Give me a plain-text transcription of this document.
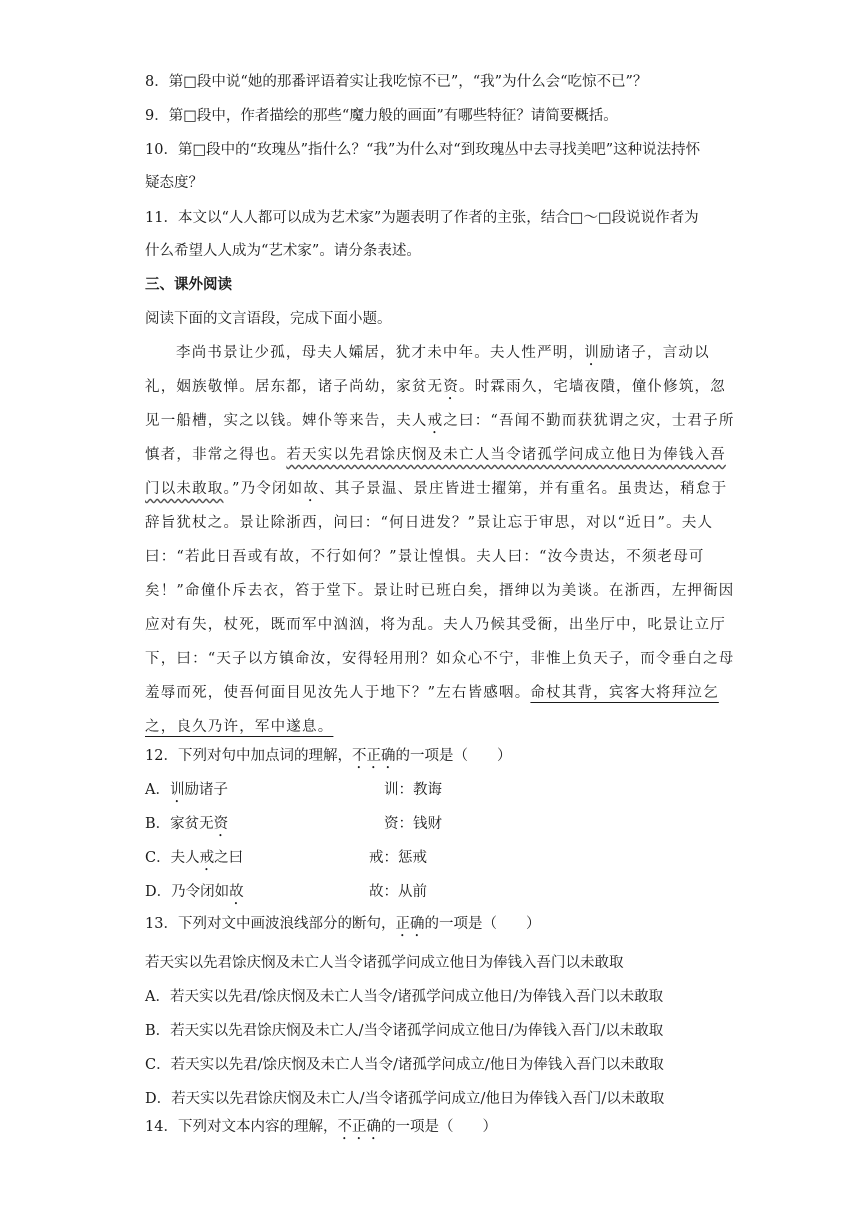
8．第□段中说“她的那番评语着实让我吃惊不已”，“我”为什么会“吃惊不已”？
9．第□段中，作者描绘的那些“魔力般的画面”有哪些特征？请简要概括。
10．第□段中的“玫瑰丛”指什么？“我”为什么对“到玫瑰丛中去寻找美吧”这种说法持怀
疑态度？
11．本文以“人人都可以成为艺术家”为题表明了作者的主张，结合□～□段说说作者为
什么希望人人成为“艺术家”。请分条表述。
三、课外阅读
阅读下面的文言语段，完成下面小题。
李尚书景让少孤，母夫人孀居，犹才未中年。夫人性严明，训励诸子，言动以
礼，姻族敬惮。居东都，诸子尚幼，家贫无资。时霖雨久，宅墙夜隤，僮仆修筑，忽
见一船槽，实之以钱。婢仆等来告，夫人戒之曰：“吾闻不勤而获犹谓之灾，士君子所
慎者，非常之得也。若天实以先君馀庆悯及未亡人当令诸孤学问成立他日为俸钱入吾
门以未敢取。”乃令闭如故、其子景温、景庄皆进士擢第，并有重名。虽贵达，稍怠于
辞旨犹杖之。景让除浙西，问曰：“何日进发？”景让忘于审思，对以“近日”。夫人
曰：“若此日吾或有故，不行如何？”景让惶惧。夫人曰：“汝今贵达，不须老母可
矣！”命僮仆斥去衣，笞于堂下。景让时已班白矣，搢绅以为美谈。在浙西，左押衙因
应对有失，杖死，既而军中汹汹，将为乱。夫人乃候其受衙，出坐厅中，叱景让立厅
下，曰：“天子以方镇命汝，安得轻用刑？如众心不宁，非惟上负天子，而令垂白之母
羞辱而死，使吾何面目见汝先人于地下？”左右皆感咽。命杖其背，宾客大将拜泣乞
之，良久乃许，军中遂息。
12．下列对句中加点词的理解，不正确的一项是（　　）
A．训励诸子	训：教诲
B．家贫无资	资：钱财
C．夫人戒之曰	戒：惩戒
D．乃令闭如故	故：从前
13．下列对文中画波浪线部分的断句，正确的一项是（　　）
若天实以先君馀庆悯及未亡人当令诸孤学问成立他日为俸钱入吾门以未敢取
A．若天实以先君/馀庆悯及未亡人当令/诸孤学问成立他日/为俸钱入吾门以未敢取
B．若天实以先君馀庆悯及未亡人/当令诸孤学问成立他日/为俸钱入吾门/以未敢取
C．若天实以先君/馀庆悯及未亡人当令/诸孤学问成立/他日为俸钱入吾门以未敢取
D．若天实以先君馀庆悯及未亡人/当令诸孤学问成立/他日为俸钱入吾门/以未敢取
14．下列对文本内容的理解，不正确的一项是（　　）
